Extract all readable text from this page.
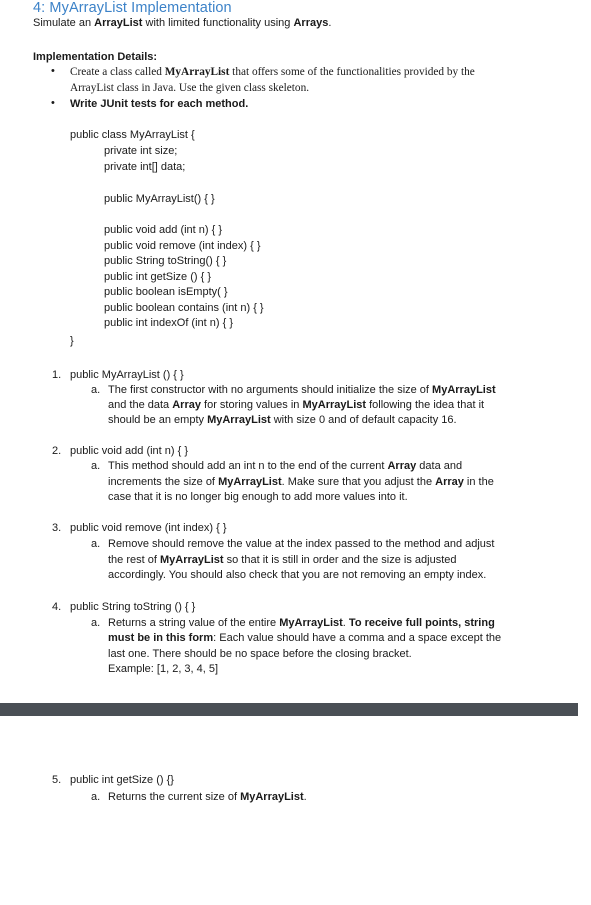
4: MyArrayList Implementation
Simulate an ArrayList with limited functionality using Arrays.
Implementation Details:
• Create a class called MyArrayList that offers some of the functionalities provided by the
ArrayList class in Java. Use the given class skeleton.
• Write JUnit tests for each method.
public class MyArrayList {
private int size;
private int[] data;
public MyArrayList() { }
public void add (int n) { }
public void remove (int index) { }
public String toString() { }
public int getSize () { }
public boolean isEmpty( }
public boolean contains (int n) { }
public int indexOf (int n) { }
}
1. public MyArrayList () { }
a. The first constructor with no arguments should initialize the size of MyArrayList
and the data Array for storing values in MyArrayList following the idea that it
should be an empty MyArrayList with size 0 and of default capacity 16.
2. public void add (int n) { }
a. This method should add an int n to the end of the current Array data and
increments the size of MyArrayList. Make sure that you adjust the Array in the
case that it is no longer big enough to add more values into it.
3. public void remove (int index) { }
a. Remove should remove the value at the index passed to the method and adjust
the rest of MyArrayList so that it is still in order and the size is adjusted
accordingly. You should also check that you are not removing an empty index.
4. public String toString () { }
a. Returns a string value of the entire MyArrayList. To receive full points, string
must be in this form: Each value should have a comma and a space except the
last one. There should be no space before the closing bracket.
Example: [1, 2, 3, 4, 5]
5. public int getSize () {}
a. Returns the current size of MyArrayList.
